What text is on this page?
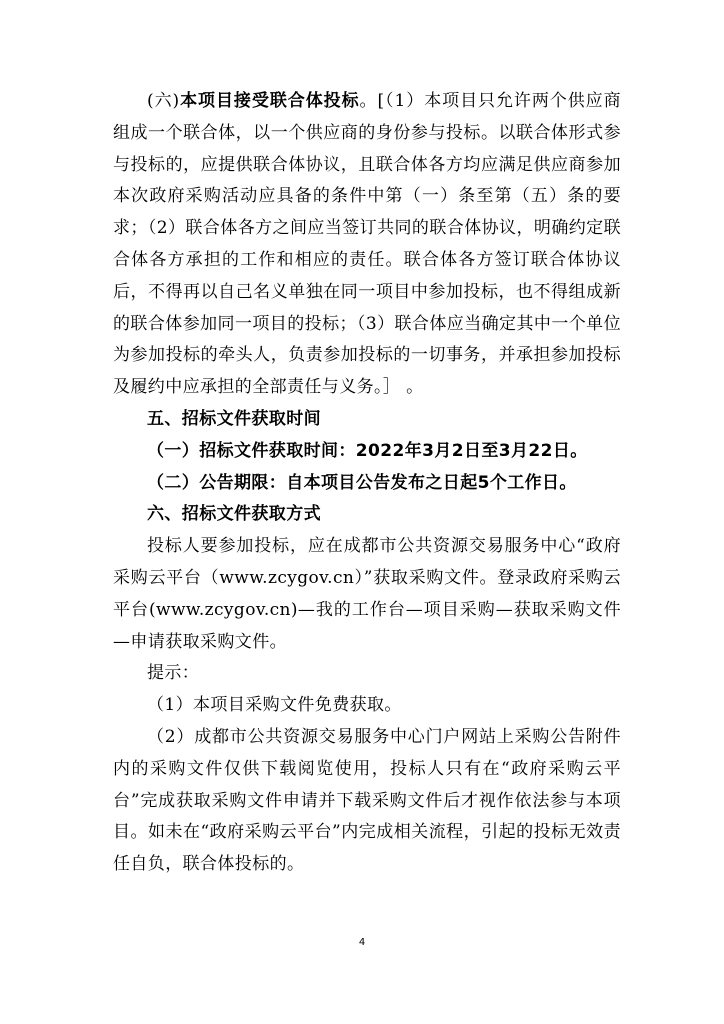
(六)本项目接受联合体投标。[（1）本项目只允许两个供应商组成一个联合体，以一个供应商的身份参与投标。以联合体形式参与投标的，应提供联合体协议，且联合体各方均应满足供应商参加本次政府采购活动应具备的条件中第（一）条至第（五）条的要求；（2）联合体各方之间应当签订共同的联合体协议，明确约定联合体各方承担的工作和相应的责任。联合体各方签订联合体协议后，不得再以自己名义单独在同一项目中参加投标，也不得组成新的联合体参加同一项目的投标；（3）联合体应当确定其中一个单位为参加投标的牵头人，负责参加投标的一切事务，并承担参加投标及履约中应承担的全部责任与义务。］ 。

五、招标文件获取时间

（一）招标文件获取时间：2022年3月2日至3月22日。

（二）公告期限：自本项目公告发布之日起5个工作日。

六、招标文件获取方式

投标人要参加投标，应在成都市公共资源交易服务中心“政府采购云平台（www.zcygov.cn）”获取采购文件。登录政府采购云平台(www.zcygov.cn)—我的工作台—项目采购—获取采购文件—申请获取采购文件。

提示：

（1）本项目采购文件免费获取。

（2）成都市公共资源交易服务中心门户网站上采购公告附件内的采购文件仅供下载阅览使用，投标人只有在“政府采购云平台”完成获取采购文件申请并下载采购文件后才视作依法参与本项目。如未在“政府采购云平台”内完成相关流程，引起的投标无效责任自负，联合体投标的。

4
